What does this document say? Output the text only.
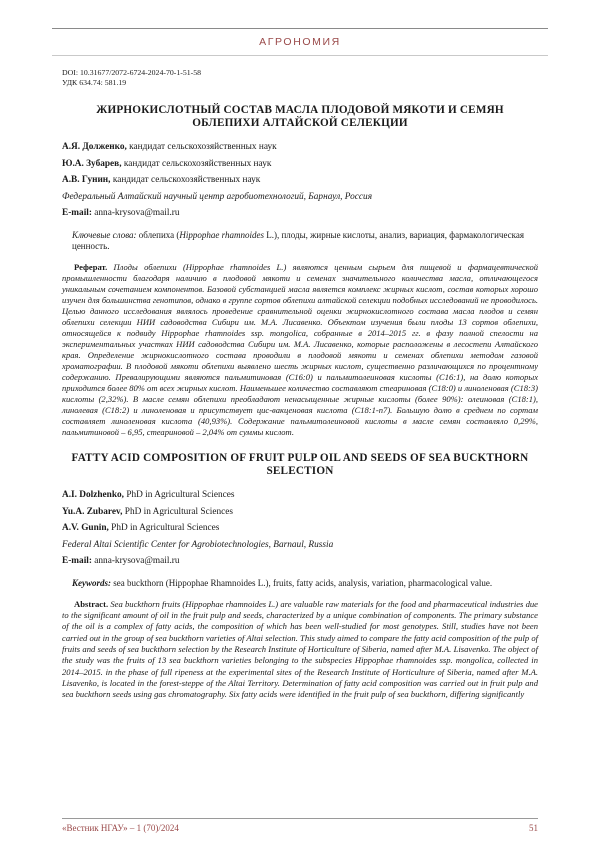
АГРОНОМИЯ
DOI: 10.31677/2072-6724-2024-70-1-51-58
УДК 634.74: 581.19
ЖИРНОКИСЛОТНЫЙ СОСТАВ МАСЛА ПЛОДОВОЙ МЯКОТИ И СЕМЯН ОБЛЕПИХИ АЛТАЙСКОЙ СЕЛЕКЦИИ

А.Я. Долженко, кандидат сельскохозяйственных наук

Ю.А. Зубарев, кандидат сельскохозяйственных наук

А.В. Гунин, кандидат сельскохозяйственных наук

Федеральный Алтайский научный центр агробиотехнологий, Барнаул, Россия

E-mail: anna-krysova@mail.ru

Ключевые слова: облепиха (Hippophae rhamnoides L.), плоды, жирные кислоты, анализ, вариация, фармакологическая ценность.

Реферат. Плоды облепихи (Hippophae rhamnoides L.) являются ценным сырьем для пищевой и фармацевтической промышленности благодаря наличию в плодовой мякоти и семенах значительного количества масла, отличающегося уникальным сочетанием компонентов. Базовой субстанцией масла является комплекс жирных кислот, состав которых хорошо изучен для большинства генотипов, однако в группе сортов облепихи алтайской селекции подобных исследований не проводилось. Целью данного исследования являлось проведение сравнительной оценки жирнокислотного состава масла плодов и семян облепихи селекции НИИ садоводства Сибири им. М.А. Лисавенко. Объектом изучения были плоды 13 сортов облепихи, относящейся к подвиду Hippophae rhamnoides ssp. mongolica, собранные в 2014–2015 гг. в фазу полной спелости на экспериментальных участках НИИ садоводства Сибири им. М.А. Лисавенко, которые расположены в лесостепи Алтайского края. Определение жирнокислотного состава проводили в плодовой мякоти и семенах облепихи методом газовой хроматографии. В плодовой мякоти облепихи выявлено шесть жирных кислот, существенно различающихся по процентному содержанию. Превалирующими являются пальмитиновая (С16:0) и пальмитолеиновая кислоты (С16:1), на долю которых приходится более 80% от всех жирных кислот. Наименьшее количество составляют стеариновая (С18:0) и линоленовая (С18:3) кислоты (2,32%). В масле семян облепихи преобладают ненасыщенные жирные кислоты (более 90%): олеиновая (С18:1), линолевая (С18:2) и линоленовая и присутствует цис-вакценовая кислота (С18:1-n7). Большую долю в среднем по сортам составляет линоленовая кислота (40,93%). Содержание пальмитолеиновой кислоты в масле семян составляло 0,29%, пальмитиновой – 6,95, стеариновой – 2,04% от суммы кислот.

FATTY ACID COMPOSITION OF FRUIT PULP OIL AND SEEDS OF SEA BUCKTHORN SELECTION

A.I. Dolzhenko, PhD in Agricultural Sciences

Yu.A. Zubarev, PhD in Agricultural Sciences

A.V. Gunin, PhD in Agricultural Sciences

Federal Altai Scientific Center for Agrobiotechnologies, Barnaul, Russia

E-mail: anna-krysova@mail.ru

Keywords: sea buckthorn (Hippophae Rhamnoides L.), fruits, fatty acids, analysis, variation, pharmacological value.

Abstract. Sea buckthorn fruits (Hippophae rhamnoides L.) are valuable raw materials for the food and pharmaceutical industries due to the significant amount of oil in the fruit pulp and seeds, characterized by a unique combination of components. The primary substance of the oil is a complex of fatty acids, the composition of which has been well-studied for most genotypes. Still, studies have not been carried out in the group of sea buckthorn varieties of Altai selection. This study aimed to compare the fatty acid composition of the pulp of fruits and seeds of sea buckthorn selection by the Research Institute of Horticulture of Siberia, named after M.A. Lisavenko. The object of the study was the fruits of 13 sea buckthorn varieties belonging to the subspecies Hippophae rhamnoides ssp. mongolica, collected in 2014–2015. in the phase of full ripeness at the experimental sites of the Research Institute of Horticulture of Siberia, named after M.A. Lisavenko, is located in the forest-steppe of the Altai Territory. Determination of fatty acid composition was carried out in fruit pulp and sea buckthorn seeds using gas chromatography. Six fatty acids were identified in the fruit pulp of sea buckthorn, differing significantly

«Вестник НГАУ» – 1 (70)/2024	51
